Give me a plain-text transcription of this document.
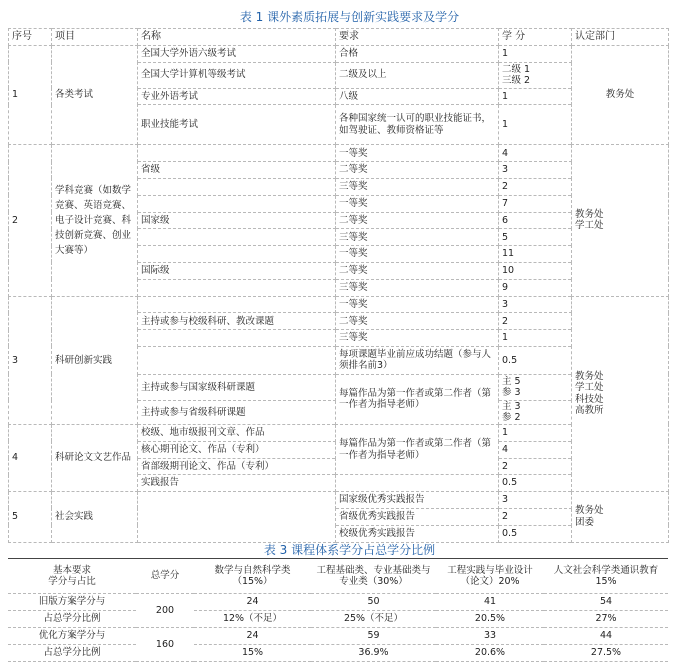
表 1 课外素质拓展与创新实践要求及学分
序号	项目	名称	要求	学 分	认定部门
1	各类考试	全国大学外语六级考试	合格	1	教务处
		全国大学计算机等级考试	二级及以上	二级 1
三级 2	
		专业外语考试	八级	1	
		职业技能考试	各种国家统一认可的职业技能证书，如驾驶证、教师资格证等	1	
2	学科竞赛（如数学竞赛、英语竞赛、电子设计竞赛、科技创新竞赛、创业大赛等）		一等奖	4	教务处
学工处
		省级	二等奖	3	
			三等奖	2	
			一等奖	7	
		国家级	二等奖	6	
			三等奖	5	
			一等奖	11	
		国际级	二等奖	10	
			三等奖	9	
3	科研创新实践		一等奖	3	教务处
学工处
科技处
高教所
		主持或参与校级科研、教改课题	二等奖	2	
			三等奖	1	
			每项课题毕业前应成功结题（参与人须排名前3）	0.5	
		主持或参与国家级科研课题	每篇作品为第一作者或第二作者（第一作者为指导老师）	主 5
参 3	
		主持或参与省级科研课题		主 3
参 2	
4	科研论文文艺作品	校级、地市级报刊文章、作品	每篇作品为第一作者或第二作者（第一作者为指导老师）	1	
		核心期刊论文、作品（专利）		4	
		省部级期刊论文、作品（专利）		2	
		实践报告		0.5	
5	社会实践		国家级优秀实践报告	3	教务处
团委
			省级优秀实践报告	2	
			校级优秀实践报告	0.5	
表 3 课程体系学分占总学分比例
基本要求
学分与占比	总学分	数学与自然科学类（15%）	工程基础类、专业基础类与专业类（30%）	工程实践与毕业设计（论文）20%	人文社会科学类通识教育 15%
旧版方案学分与	200	24	50	41	54
占总学分比例		12%（不足）	25%（不足）	20.5%	27%
优化方案学分与	160	24	59	33	44
占总学分比例		15%	36.9%	20.6%	27.5%
